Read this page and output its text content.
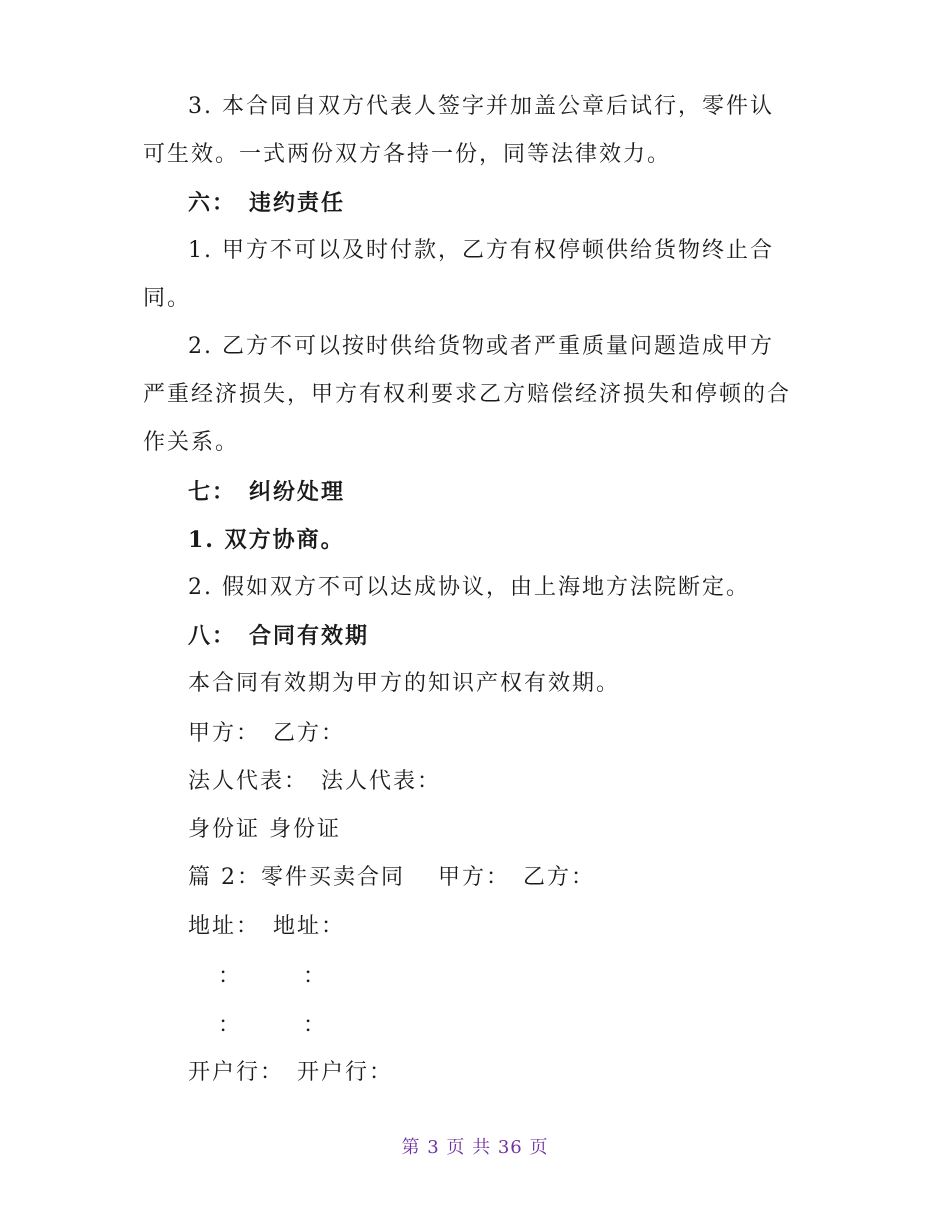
3. 本合同自双方代表人签字并加盖公章后试行，零件认
可生效。一式两份双方各持一份，同等法律效力。
六：　违约责任
1. 甲方不可以及时付款，乙方有权停顿供给货物终止合
同。
2. 乙方不可以按时供给货物或者严重质量问题造成甲方
严重经济损失，甲方有权利要求乙方赔偿经济损失和停顿的合
作关系。
七：　纠纷处理
1. 双方协商。
2. 假如双方不可以达成协议，由上海地方法院断定。
八：　合同有效期
本合同有效期为甲方的知识产权有效期。
甲方：　乙方：
法人代表：　法人代表：
身份证 身份证
篇 2：零件买卖合同　 甲方：　乙方：
地址：　地址：
：　　　：
：　　　：
开户行：　开户行：
第 3 页 共 36 页
